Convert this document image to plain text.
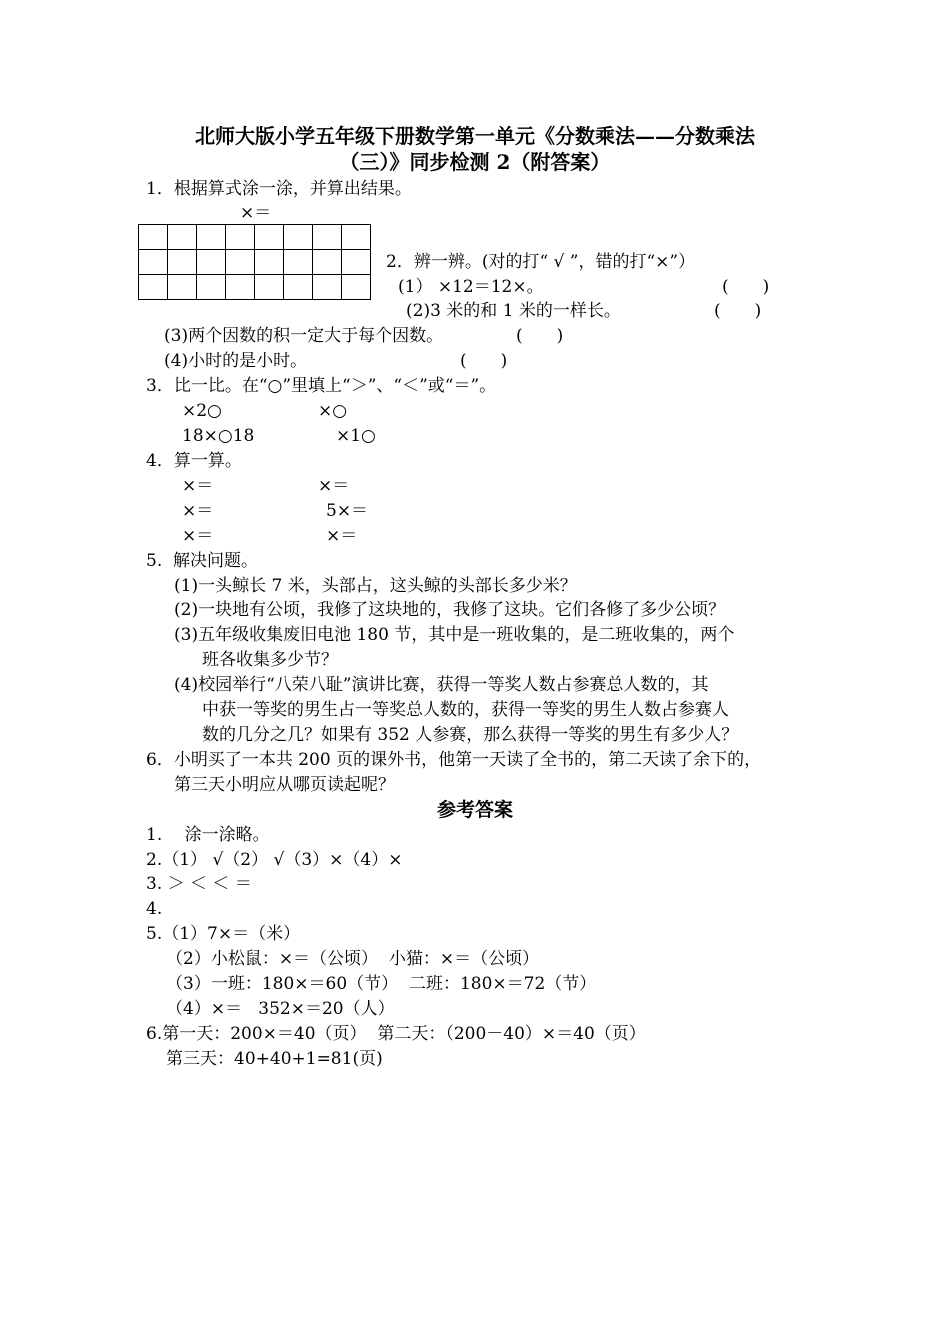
北师大版小学五年级下册数学第一单元《分数乘法——分数乘法
（三）》同步检测 2（附答案）
1．根据算式涂一涂，并算出结果。
×＝

2．辨一辨。(对的打“ √ ”，错的打“×”）
(1） ×12＝12×。	(　　)
(2)3 米的和 1 米的一样长。	(　　)
(3)两个因数的积一定大于每个因数。	(　　)
(4)小时的是小时。	(　　)
3．比一比。在“○”里填上“＞”、“＜”或“＝”。
×2○	×○
18×○18	×1○
4．算一算。
×＝	×＝
×＝	5×＝
×＝	×＝
5.  解决问题。
(1)一头鲸长 7 米，头部占，这头鲸的头部长多少米？
(2)一块地有公顷，我修了这块地的，我修了这块。它们各修了多少公顷？
(3)五年级收集废旧电池 180 节，其中是一班收集的，是二班收集的，两个
班各收集多少节？
(4)校园举行“八荣八耻”演讲比赛，获得一等奖人数占参赛总人数的，其
中获一等奖的男生占一等奖总人数的，获得一等奖的男生人数占参赛人
数的几分之几？如果有 352 人参赛，那么获得一等奖的男生有多少人？
6．小明买了一本共 200 页的课外书，他第一天读了全书的，第二天读了余下的，
第三天小明应从哪页读起呢？
参考答案
1.　 涂一涂略。
2.（1） √（2） √（3）×（4）×
3. ＞ ＜ ＜ ＝
4.
5.（1）7×＝（米）
（2）小松鼠：×＝（公顷）  小猫：×＝（公顷）
（3）一班：180×＝60（节）  二班：180×＝72（节）
（4）×＝   352×＝20（人）
6.第一天：200×＝40（页）  第二天：（200－40）×＝40（页）
第三天：40+40+1=81(页)
